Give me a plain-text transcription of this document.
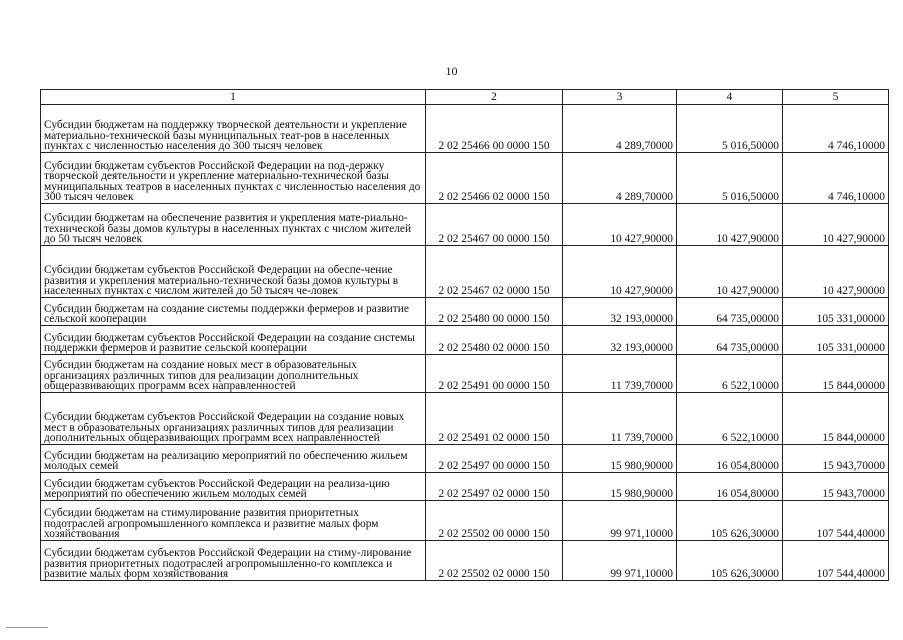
10
1	2	3	4	5
Субсидии бюджетам на поддержку творческой деятельности и укрепление материально-технической базы муниципальных теат-ров в населенных пунктах с численностью населения до 300 тысяч человек	2 02 25466 00 0000 150	4 289,70000	5 016,50000	4 746,10000
Субсидии бюджетам субъектов Российской Федерации на под-держку творческой деятельности и укрепление материально-технической базы муниципальных театров в населенных пунктах с численностью населения до 300 тысяч человек	2 02 25466 02 0000 150	4 289,70000	5 016,50000	4 746,10000
Субсидии бюджетам на обеспечение развития и укрепления мате-риально-технической базы домов культуры в населенных пунктах с числом жителей до 50 тысяч человек	2 02 25467 00 0000 150	10 427,90000	10 427,90000	10 427,90000
Субсидии бюджетам субъектов Российской Федерации на обеспе-чение развития и укрепления материально-технической базы домов культуры в населенных пунктах с числом жителей до 50 тысяч че-ловек	2 02 25467 02 0000 150	10 427,90000	10 427,90000	10 427,90000
Субсидии бюджетам на создание системы поддержки фермеров и развитие сельской кооперации	2 02 25480 00 0000 150	32 193,00000	64 735,00000	105 331,00000
Субсидии бюджетам субъектов Российской Федерации на создание системы поддержки фермеров и развитие сельской кооперации	2 02 25480 02 0000 150	32 193,00000	64 735,00000	105 331,00000
Субсидии бюджетам на создание новых мест в образовательных организациях различных типов для реализации дополнительных общеразвивающих программ всех направленностей	2 02 25491 00 0000 150	11 739,70000	6 522,10000	15 844,00000
Субсидии бюджетам субъектов Российской Федерации на создание новых мест в образовательных организациях различных типов для реализации дополнительных общеразвивающих программ всех направленностей	2 02 25491 02 0000 150	11 739,70000	6 522,10000	15 844,00000
Субсидии бюджетам на реализацию мероприятий по обеспечению жильем молодых семей	2 02 25497 00 0000 150	15 980,90000	16 054,80000	15 943,70000
Субсидии бюджетам субъектов Российской Федерации на реализа-цию мероприятий по обеспечению жильем молодых семей	2 02 25497 02 0000 150	15 980,90000	16 054,80000	15 943,70000
Субсидии бюджетам на стимулирование развития приоритетных подотраслей агропромышленного комплекса и развитие малых форм хозяйствования	2 02 25502 00 0000 150	99 971,10000	105 626,30000	107 544,40000
Субсидии бюджетам субъектов Российской Федерации на стиму-лирование развития приоритетных подотраслей агропромышленно-го комплекса и развитие малых форм хозяйствования	2 02 25502 02 0000 150	99 971,10000	105 626,30000	107 544,40000
